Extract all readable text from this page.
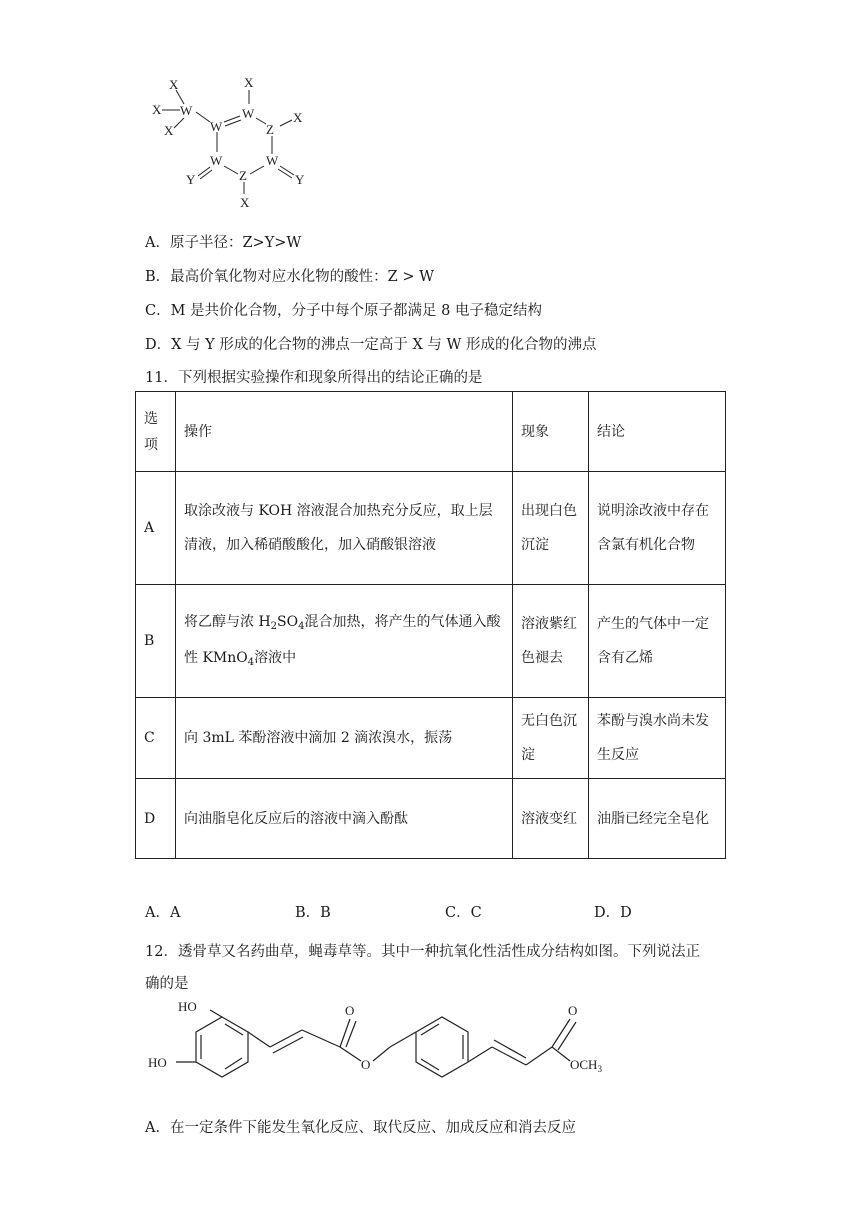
X
X
X
W
X
W
W	Z
X
W	W
Y	Z	Y
X
A．原子半径：Z>Y>W
B．最高价氧化物对应水化物的酸性：Z > W
C．M 是共价化合物，分子中每个原子都满足 8 电子稳定结构
D．X 与 Y 形成的化合物的沸点一定高于 X 与 W 形成的化合物的沸点
11．下列根据实验操作和现象所得出的结论正确的是
选项	操作	现象	结论
A	取涂改液与 KOH 溶液混合加热充分反应，取上层清液，加入稀硝酸酸化，加入硝酸银溶液	出现白色沉淀	说明涂改液中存在含氯有机化合物
B	将乙醇与浓 $H_2SO_4$混合加热，将产生的气体通入酸性 KMnO$_4$溶液中	溶液紫红色褪去	产生的气体中一定含有乙烯
C	向 3mL 苯酚溶液中滴加 2 滴浓溴水，振荡	无白色沉淀	苯酚与溴水尚未发生反应
D	向油脂皂化反应后的溶液中滴入酚酞	溶液变红	油脂已经完全皂化
A．A	B．B	C．C	D．D
12．透骨草又名药曲草，蝇毒草等。其中一种抗氧化性活性成分结构如图。下列说法正
确的是
HO
HO
O
O
O
$OCH_3$
A．在一定条件下能发生氧化反应、取代反应、加成反应和消去反应
